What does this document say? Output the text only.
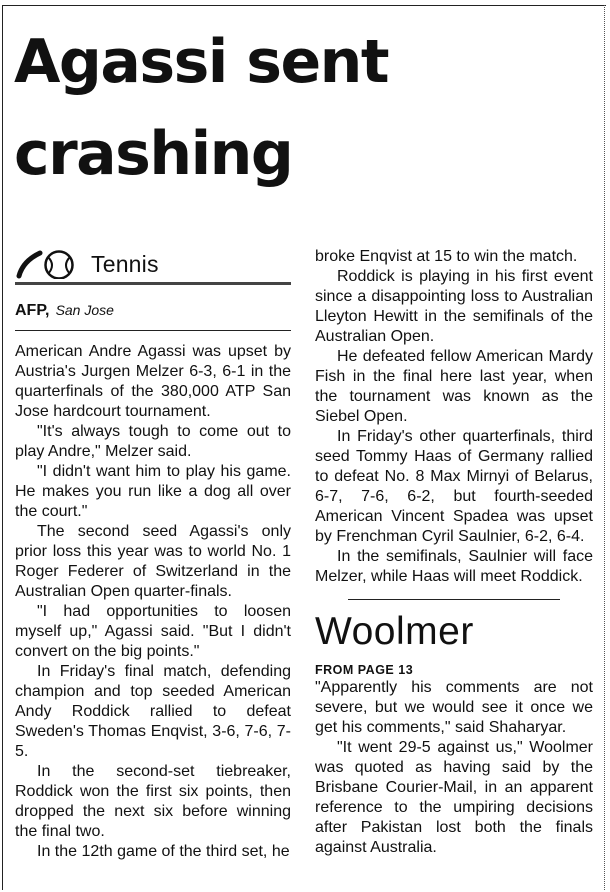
Agassi sent crashing
Tennis
AFP, San Jose

American Andre Agassi was upset by Austria's Jurgen Melzer 6-3, 6-1 in the quarterfinals of the 380,000 ATP San Jose hardcourt tournament.

"It's always tough to come out to play Andre," Melzer said.

"I didn't want him to play his game. He makes you run like a dog all over the court."

The second seed Agassi's only prior loss this year was to world No. 1 Roger Federer of Switzerland in the Australian Open quarter-finals.

"I had opportunities to loosen myself up," Agassi said. "But I didn't convert on the big points."

In Friday's final match, defending champion and top seeded American Andy Roddick rallied to defeat Sweden's Thomas Enqvist, 3-6, 7-6, 7-5.

In the second-set tiebreaker, Roddick won the first six points, then dropped the next six before winning the final two.

In the 12th game of the third set, he

broke Enqvist at 15 to win the match.

Roddick is playing in his first event since a disappointing loss to Australian Lleyton Hewitt in the semifinals of the Australian Open.

He defeated fellow American Mardy Fish in the final here last year, when the tournament was known as the Siebel Open.

In Friday's other quarterfinals, third seed Tommy Haas of Germany rallied to defeat No. 8 Max Mirnyi of Belarus, 6-7, 7-6, 6-2, but fourth-seeded American Vincent Spadea was upset by Frenchman Cyril Saulnier, 6-2, 6-4.

In the semifinals, Saulnier will face Melzer, while Haas will meet Roddick.

Woolmer
FROM PAGE 13

"Apparently his comments are not severe, but we would see it once we get his comments," said Shaharyar.

"It went 29-5 against us," Woolmer was quoted as having said by the Brisbane Courier-Mail, in an apparent reference to the umpiring decisions after Pakistan lost both the finals against Australia.
